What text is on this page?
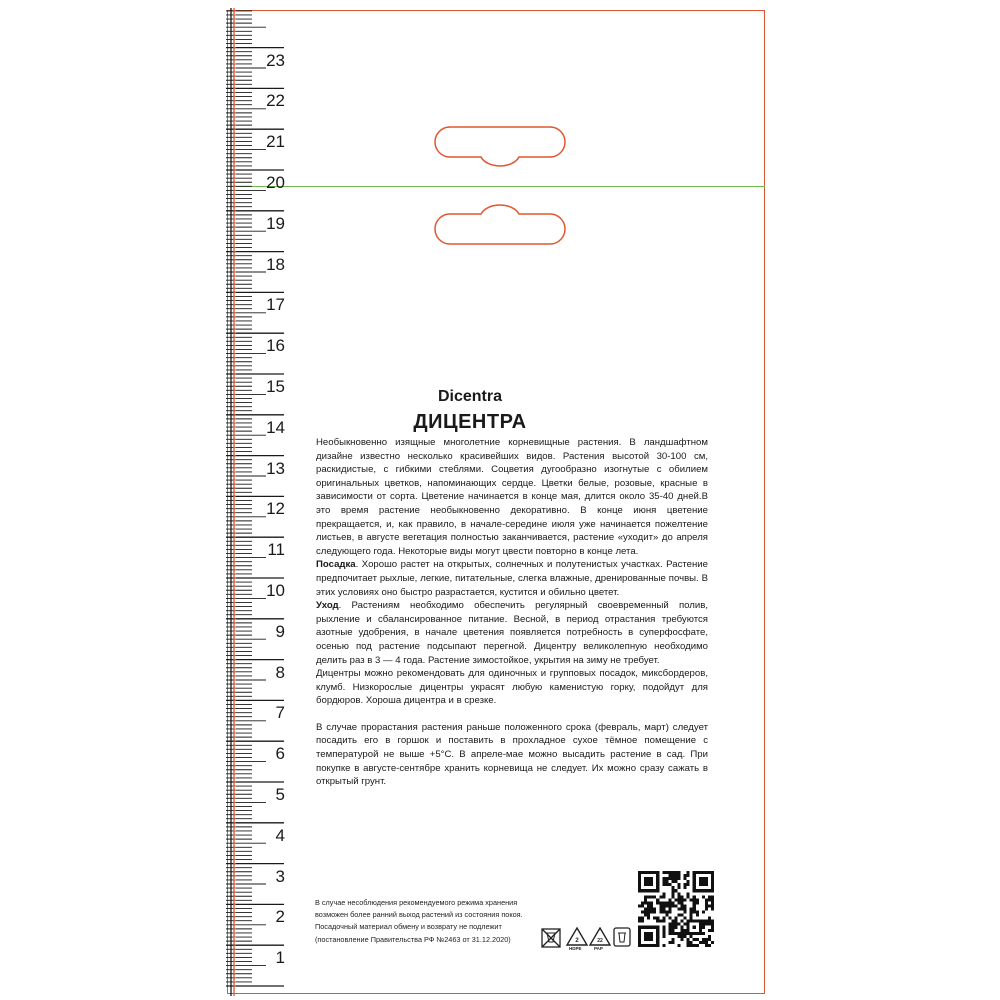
1
2
3
4
5
6
7
8
9
10
11
12
13
14
15
16
17
18
19
20
21
22
23
Dicentra
ДИЦЕНТРА

Необыкновенно изящные многолетние корневищные растения. В ландшафтном дизайне известно несколько красивейших видов. Растения высотой 30-100 см, раскидистые, с гибкими стеблями. Соцветия дугообразно изогнутые с обилием оригинальных цветков, напоминающих сердце. Цветки белые, розовые, красные в зависимости от сорта. Цветение начинается в конце мая, длится около 35-40 дней.В это время растение необыкновенно декоративно. В конце июня цветение прекращается, и, как правило, в начале-середине июля уже начинается пожелтение листьев, в августе вегетация полностью заканчивается, растение «уходит» до апреля следующего года. Некоторые виды могут цвести повторно в конце лета.

Посадка. Хорошо растет на открытых, солнечных и полутенистых участках. Растение предпочитает рыхлые, легкие, питательные, слегка влажные, дренированные почвы. В этих условиях оно быстро разрастается, кустится и обильно цветет.

Уход. Растениям необходимо обеспечить регулярный своевременный полив, рыхление и сбалансированное питание. Весной, в период отрастания требуются азотные удобрения, в начале цветения появляется потребность в суперфосфате, осенью под растение подсыпают перегной. Дицентру великолепную необходимо делить раз в 3 — 4 года. Растение зимостойкое, укрытия на зиму не требует.

Дицентры можно рекомендовать для одиночных и групповых посадок, миксбордеров, клумб. Низкорослые дицентры украсят любую каменистую горку, подойдут для бордюров. Хороша дицентра и в срезке.

В случае прорастания растения раньше положенного срока (февраль, март) следует посадить его в горшок и поставить в прохладное сухое тёмное помещение с температурой не выше +5°С. В апреле-мае можно высадить растение в сад. При покупке в августе-сентябре хранить корневища не следует. Их можно сразу сажать в открытый грунт.

В случае несоблюдения рекомендуемого режима хранения

возможен более ранний выход растений из состояния покоя.

Посадочный материал обмену и возврату не подлежит

(постановление Правительства РФ №2463 от 31.12.2020)	2
HDPE
22
PAP
